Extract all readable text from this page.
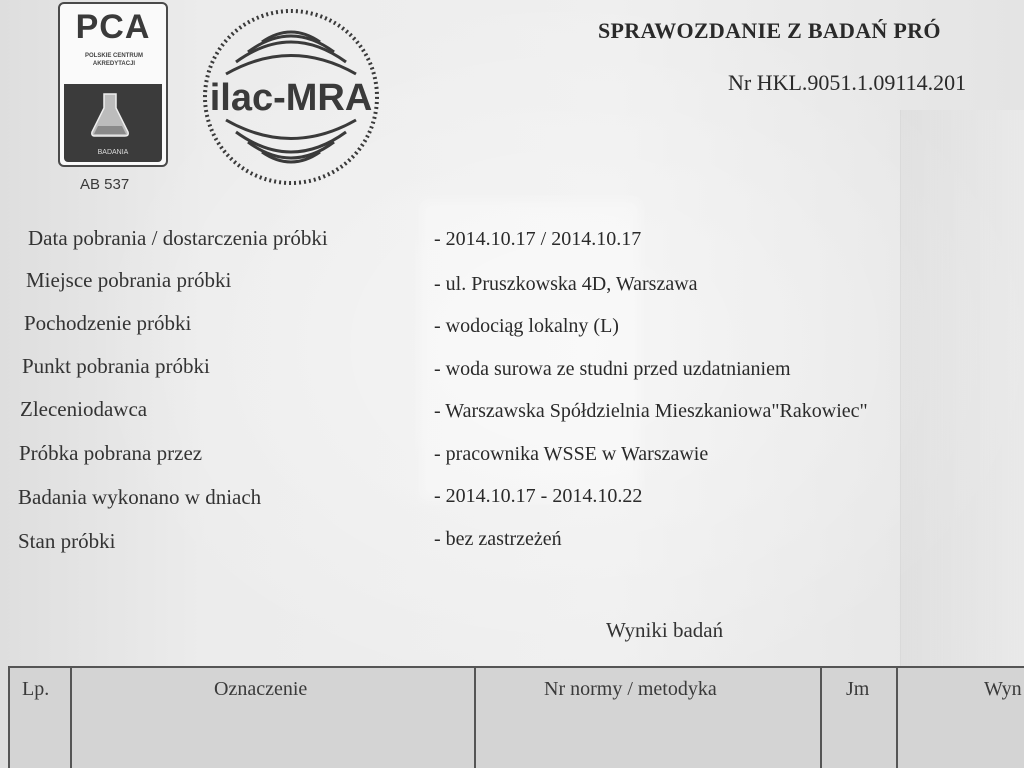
PCA
POLSKIE CENTRUM
AKREDYTACJI
BADANIA
AB 537
ilac-MRA
SPRAWOZDANIE Z BADAŃ PRÓ
Nr HKL.9051.1.09114.201
Data pobrania / dostarczenia próbki	- 2014.10.17 / 2014.10.17
Miejsce pobrania próbki	- ul. Pruszkowska 4D, Warszawa
Pochodzenie próbki	- wodociąg lokalny (L)
Punkt pobrania próbki	- woda surowa ze studni przed uzdatnianiem
Zleceniodawca	- Warszawska Spółdzielnia Mieszkaniowa"Rakowiec"
Próbka pobrana przez	- pracownika WSSE w Warszawie
Badania wykonano w dniach	- 2014.10.17 - 2014.10.22
Stan próbki	- bez zastrzeżeń
Wyniki badań
Lp.	Oznaczenie	Nr normy / metodyka	Jm	Wyn
